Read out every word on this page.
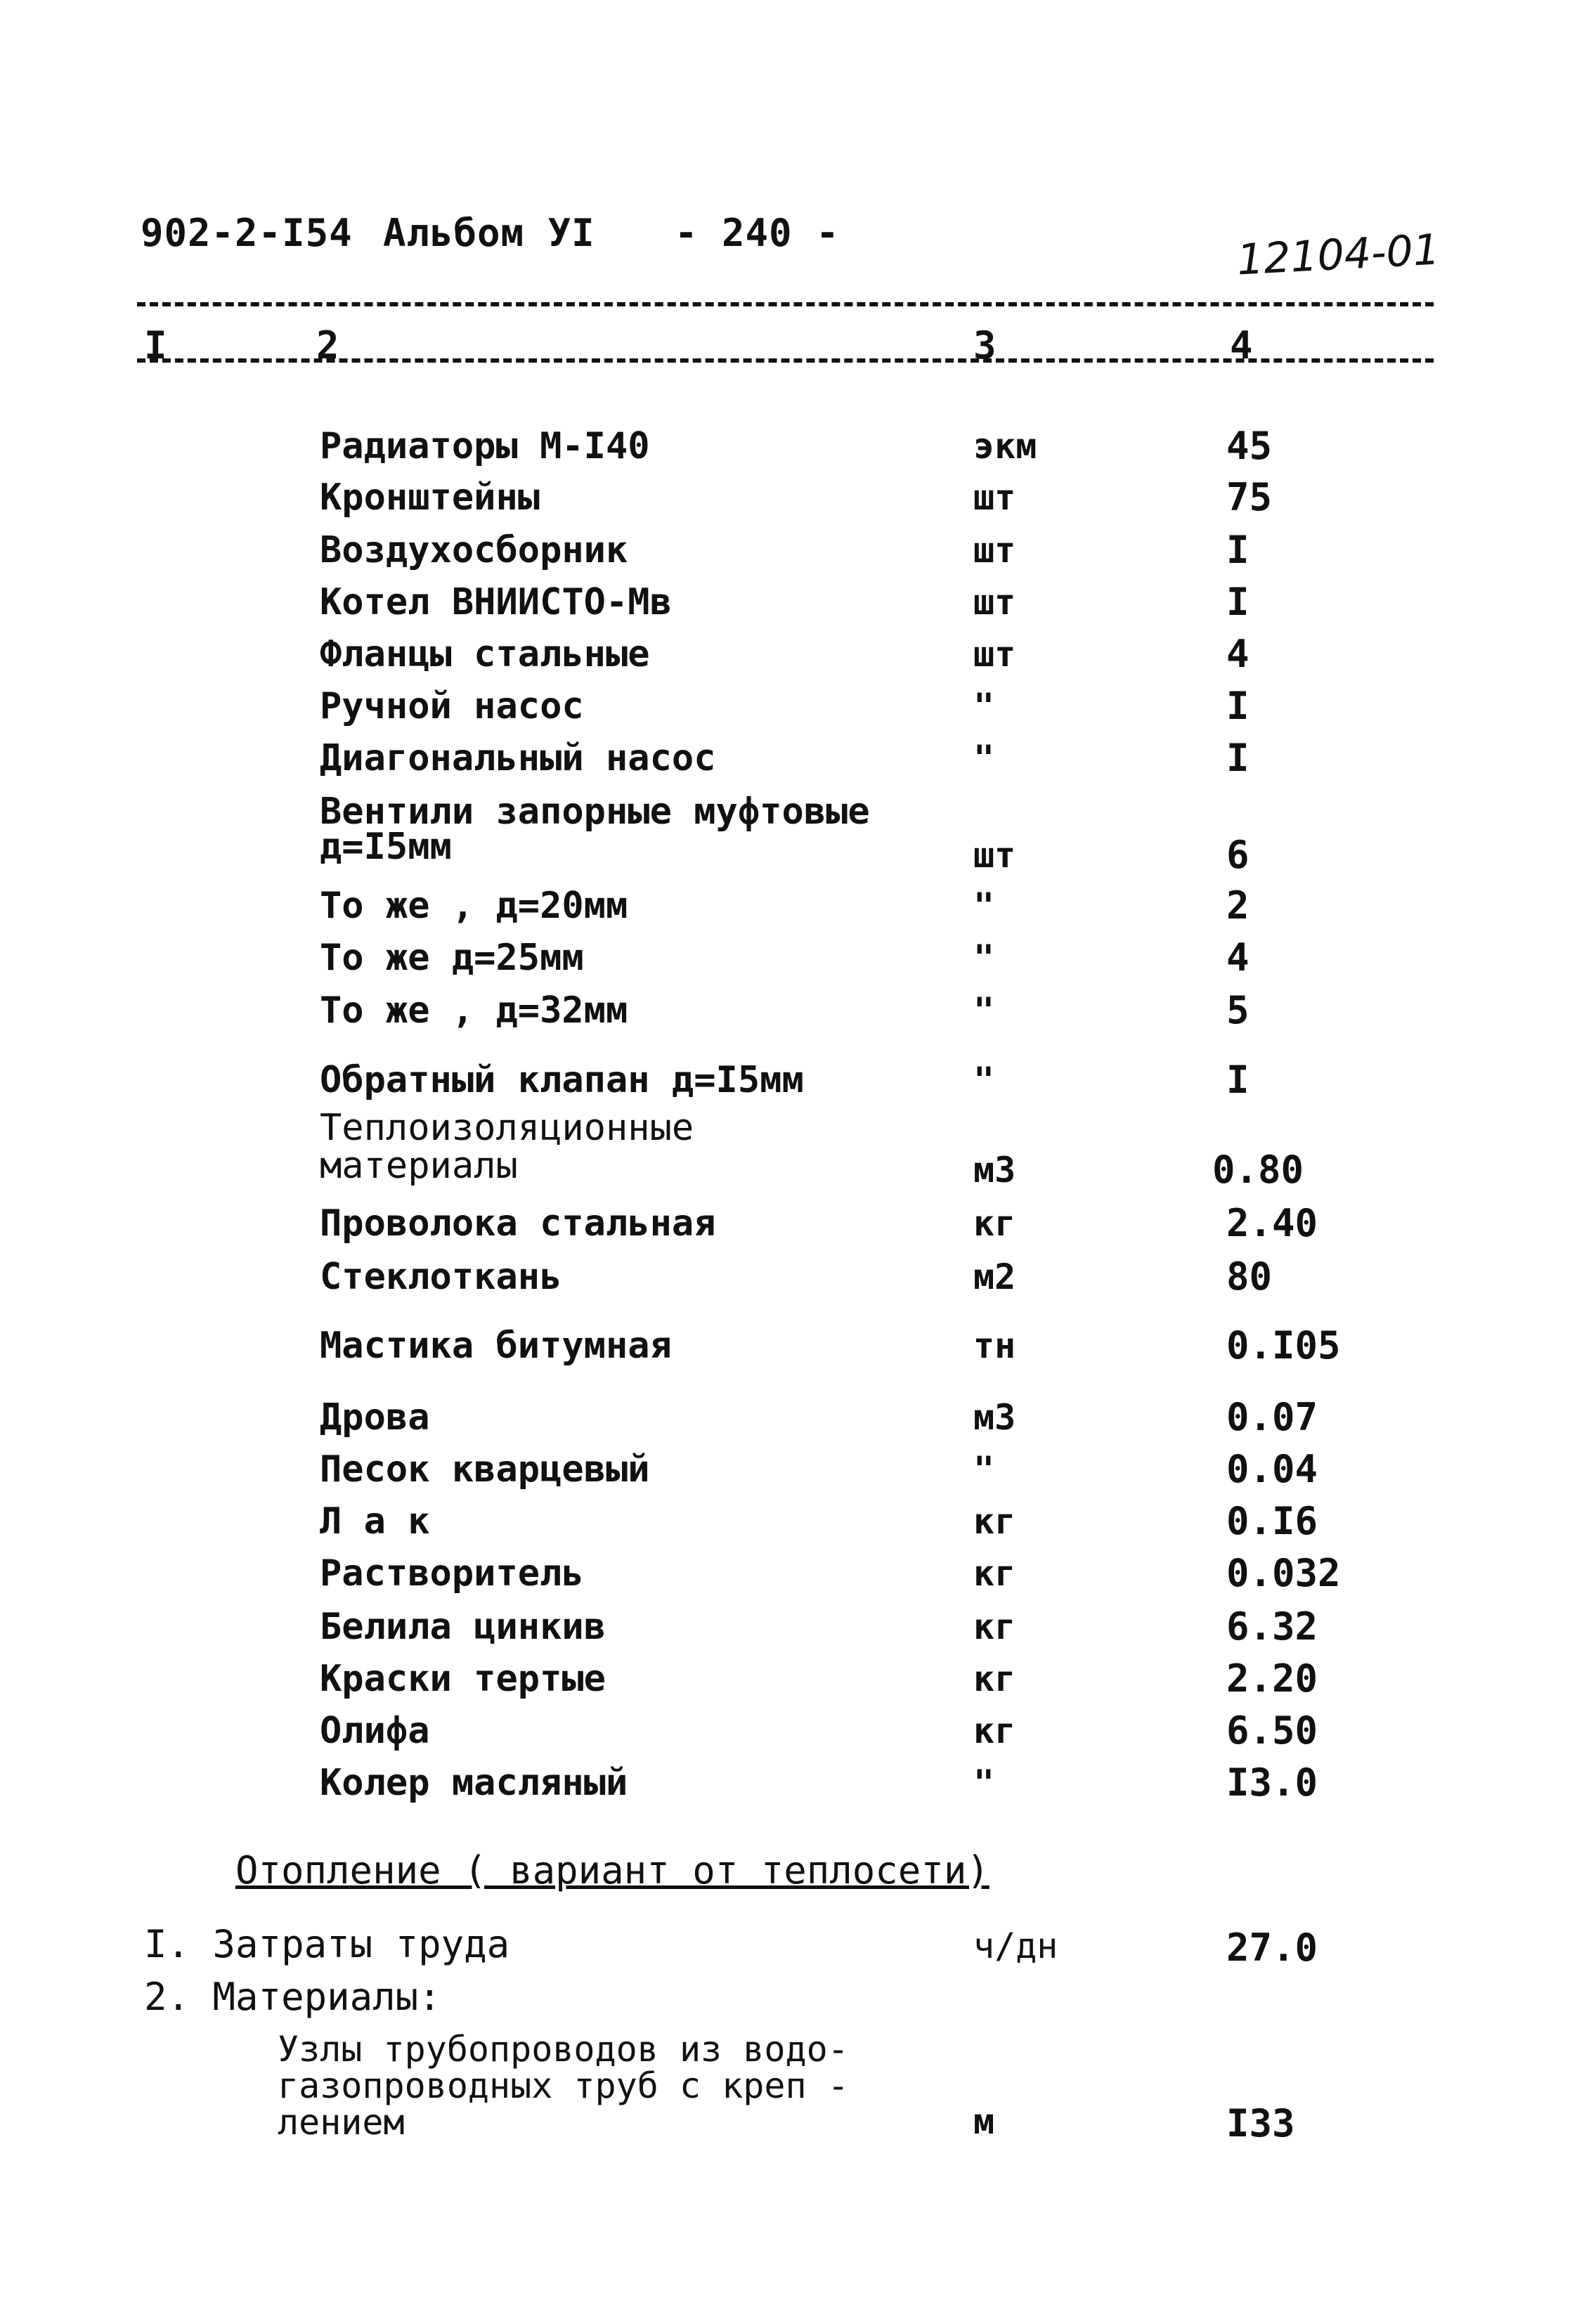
902-2-I54 Альбом УI - 240 -	12104-01
I	2	3	4
Радиаторы М-I40	экм	45
Кронштейны	шт	75
Воздухосборник	шт	I
Котел ВНИИСТО-Мв	шт	I
Фланцы стальные	шт	4
Ручной насос	"	I
Диагональный насос	"	I
Вентили запорные муфтовые
д=I5мм	шт	6
То же , д=20мм	"	2
То же д=25мм	"	4
То же , д=32мм	"	5
Обратный клапан д=I5мм	"	I
Теплоизоляционные
материалы	м3	0.80
Проволока стальная	кг	2.40
Стеклоткань	м2	80
Мастика битумная	тн	0.I05
Дрова	м3	0.07
Песок кварцевый	"	0.04
Л а к	кг	0.I6
Растворитель	кг	0.032
Белила цинкив	кг	6.32
Краски тертые	кг	2.20
Олифа	кг	6.50
Колер масляный	"	I3.0
Отопление ( вариант от теплосети)
I. Затраты труда	ч/дн	27.0
2. Материалы:
Узлы трубопроводов из водо-
газопроводных труб с креп -
лением	м	I33
